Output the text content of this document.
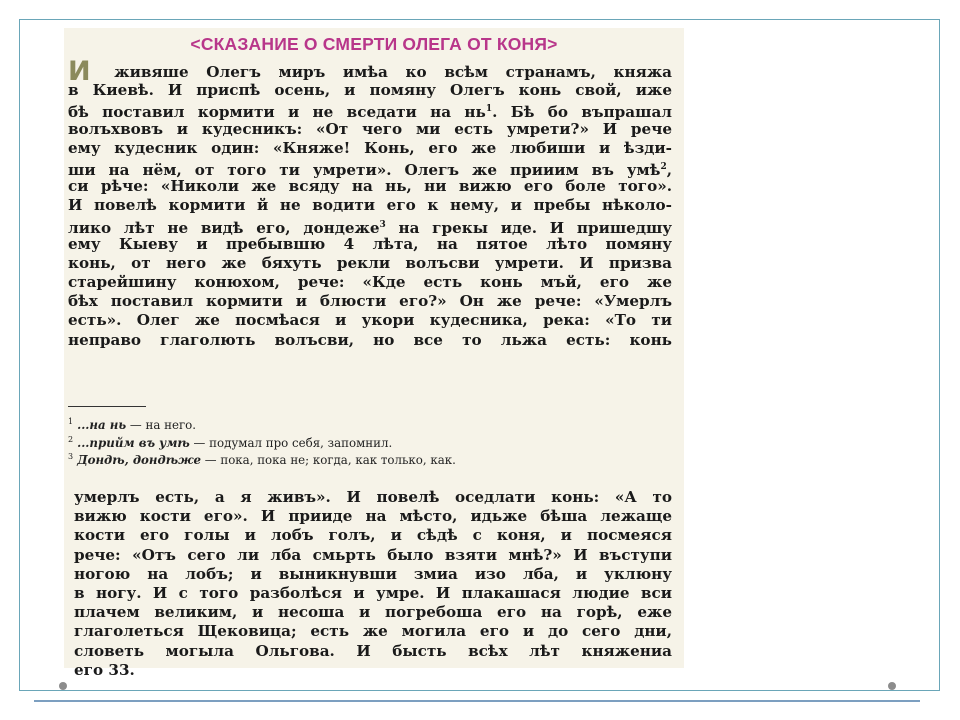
<СКАЗАНИЕ О СМЕРТИ ОЛЕГА ОТ КОНЯ>
И живяше Олегъ миръ имѣа ко всѣм странамъ, княжа
в Киевѣ. И приспѣ осень, и помяну Олегъ конь свой, иже
бѣ поставил кормити и не вседати на нь$^1$. Бѣ бо въпрашал
волъхвовъ и кудесникъ: «От чего ми есть умрети?» И рече
ему кудесник один: «Княже! Конь, его же любиши и ѣзди-
ши на нём, от того ти умрети». Олегъ же прииим въ умѣ$^2$,
си рѣче: «Николи же всяду на нь, ни вижю его боле того».
И повелѣ кормити й не водити его к нему, и пребы нѣколо-
лико лѣт не видѣ его, дондеже$^3$ на грекы иде. И пришедшу
ему Кыеву и пребывшю 4 лѣта, на пятое лѣто помяну
конь, от него же бяхуть рекли волъсви умрети. И призва
старейшину конюхом, рече: «Кде есть конь мъй, его же
бѣх поставил кормити и блюсти его?» Он же рече: «Умерлъ
есть». Олег же посмѣася и укори кудесника, река: «То ти
неправо глаголють волъсви, но все то льжа есть: конь
$^1$ ...на нь — на него.
$^2$ ...прийм въ умѣ — подумал про себя, запомнил.
$^3$ Дондѣ, дондѣже — пока, пока не; когда, как только, как.
умерлъ есть, а я живъ». И повелѣ оседлати конь: «А то
вижю кости его». И прииде на мѣсто, идьже бѣша лежаще
кости его голы и лобъ голъ, и сѣдѣ с коня, и посмеяся
рече: «Отъ сего ли лба смьрть было взяти мнѣ?» И въступи
ногою на лобъ; и выникнувши змиа изо лба, и уклюну
в ногу. И с того разболѣся и умре. И плакашася людие вси
плачем великим, и несоша и погребоша его на горѣ, еже
глаголеться Щековица; есть же могила его и до сего дни,
словеть могыла Ольгова. И бысть всѣх лѣт княжениа
его 33.
